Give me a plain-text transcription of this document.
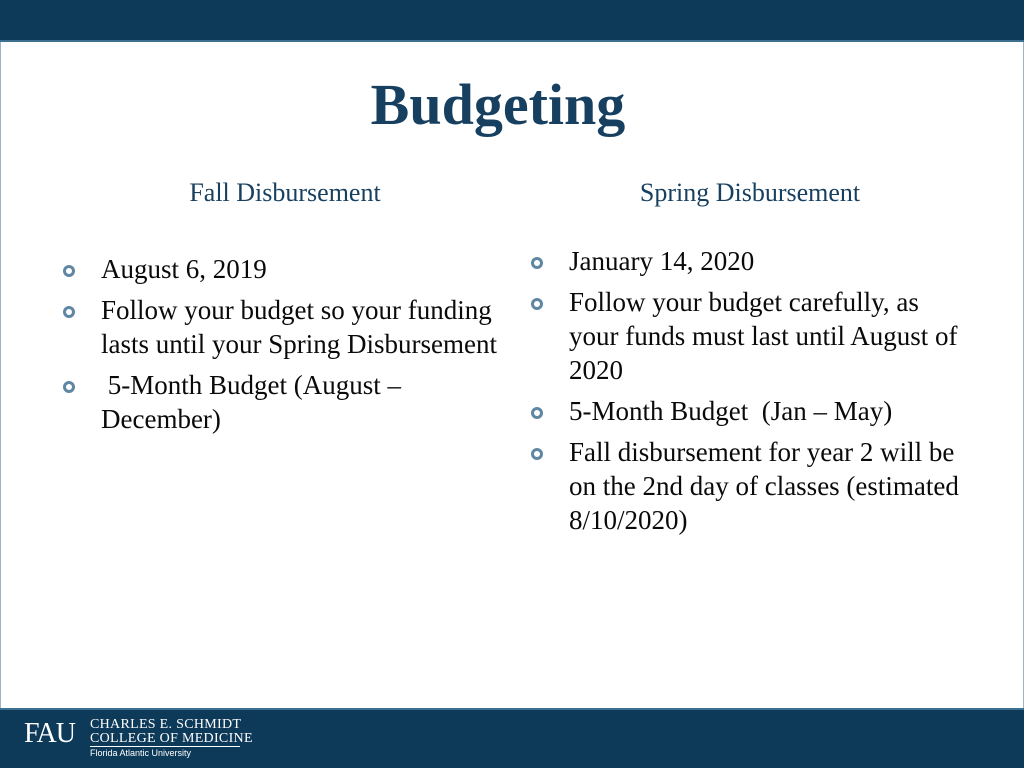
Budgeting
Fall Disbursement	Spring Disbursement
August 6, 2019
Follow your budget so your funding lasts until your Spring Disbursement
5-Month Budget (August – December)
January 14, 2020
Follow your budget carefully, as your funds must last until August of 2020
5-Month Budget  (Jan – May)
Fall disbursement for year 2 will be on the 2nd day of classes (estimated 8/10/2020)
FAU CHARLES E. SCHMIDT
COLLEGE OF MEDICINE
Florida Atlantic University
